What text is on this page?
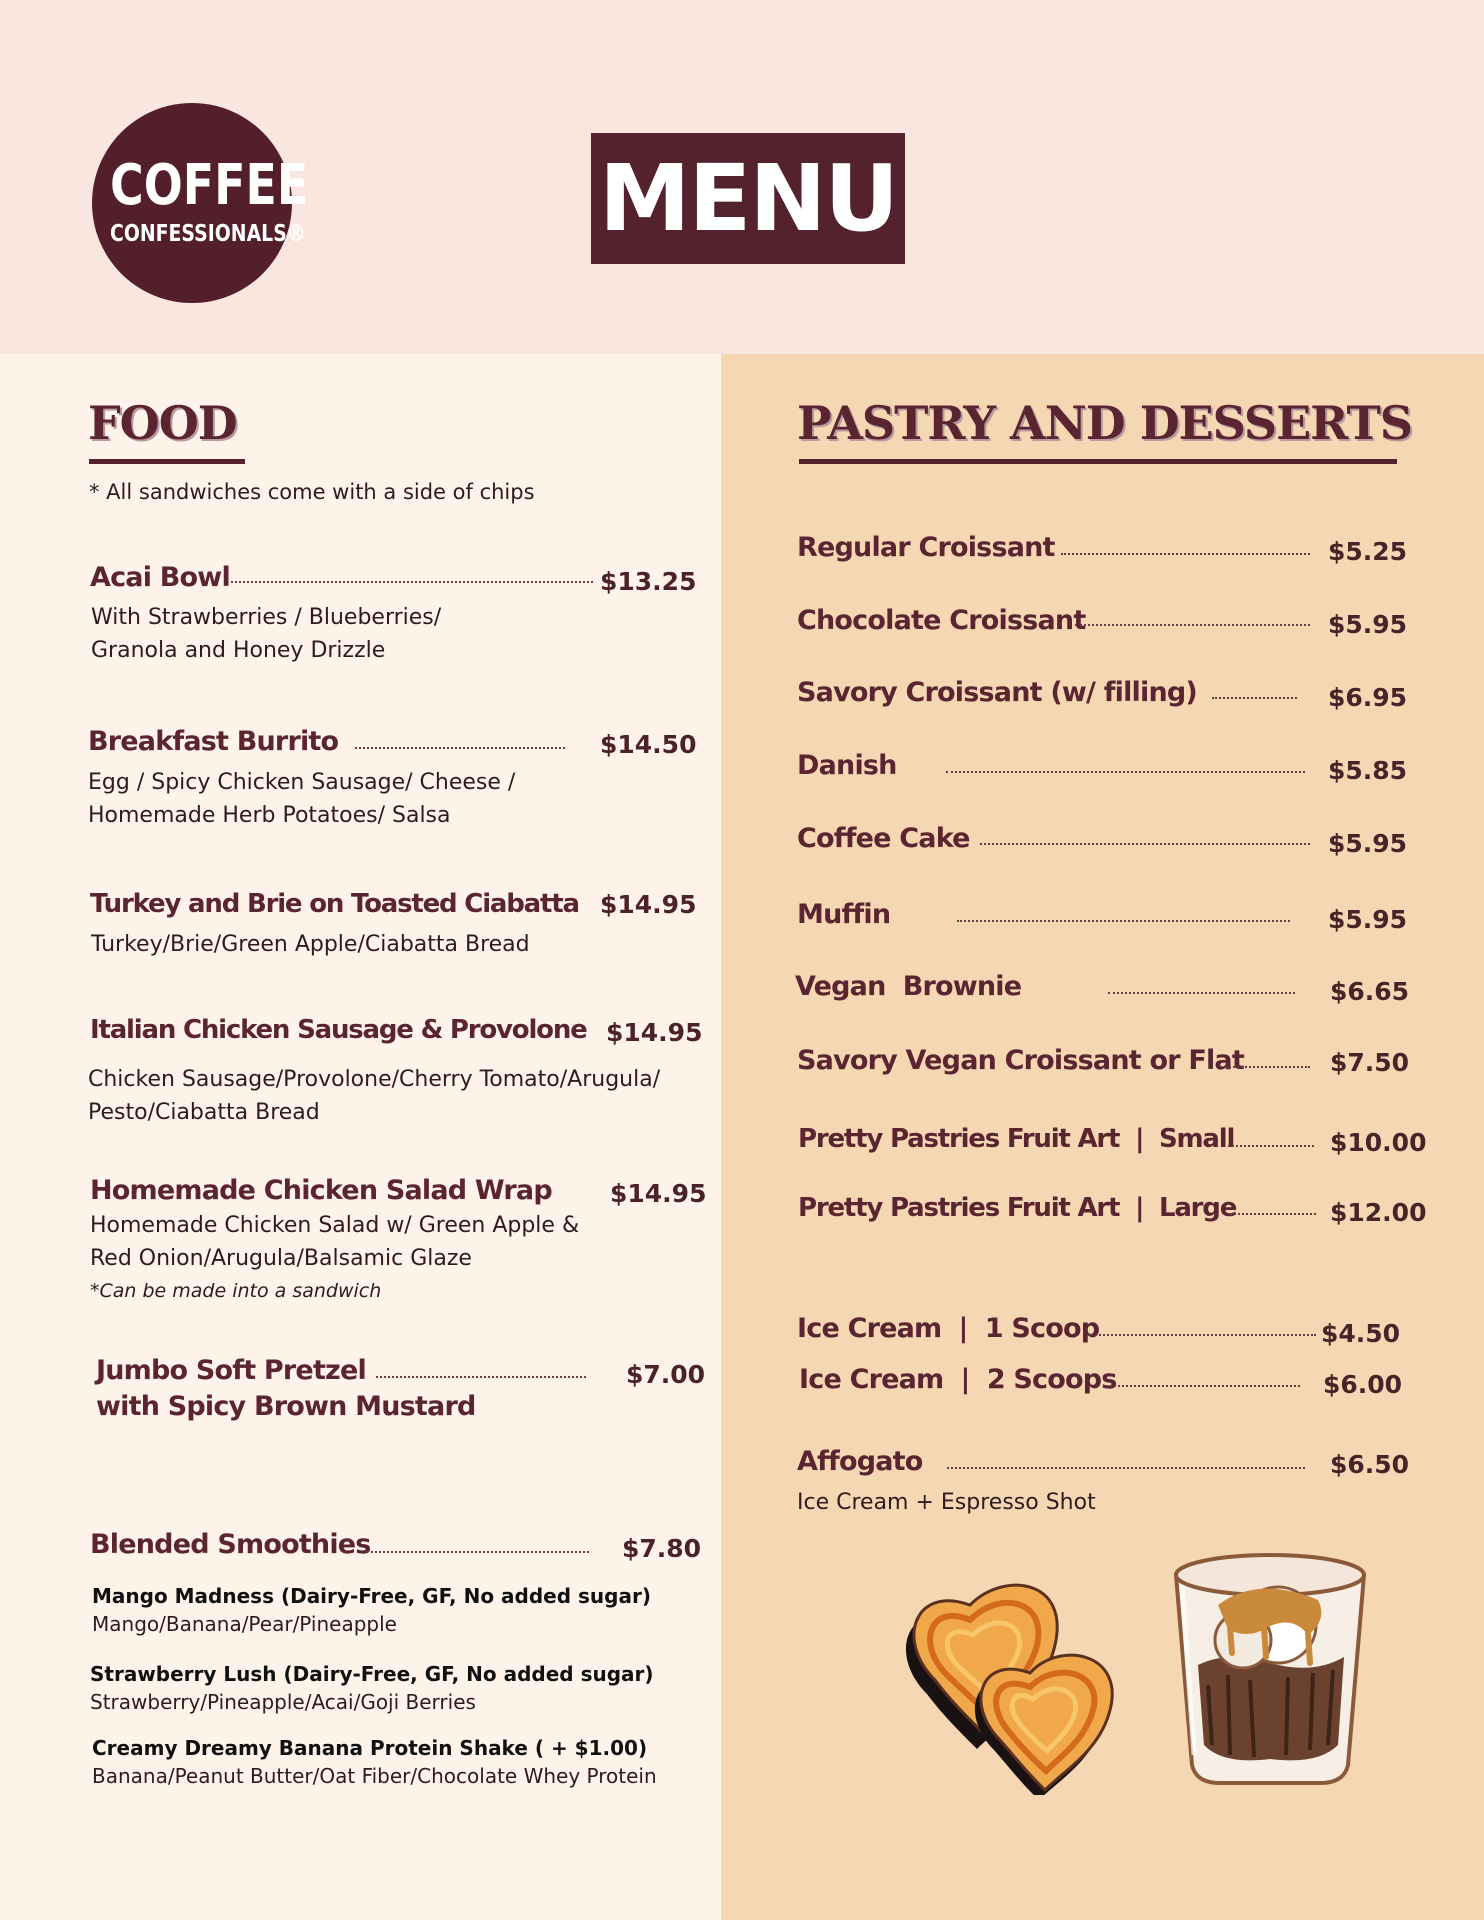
COFFEE
CONFESSIONALS®	MENU
FOOD
* All sandwiches come with a side of chips
Acai Bowl	$13.25
With Strawberries / Blueberries/
Granola and Honey Drizzle
Breakfast Burrito	$14.50
Egg / Spicy Chicken Sausage/ Cheese /
Homemade Herb Potatoes/ Salsa
Turkey and Brie on Toasted Ciabatta $14.95
Turkey/Brie/Green Apple/Ciabatta Bread
Italian Chicken Sausage & Provolone $14.95
Chicken Sausage/Provolone/Cherry Tomato/Arugula/
Pesto/Ciabatta Bread
Homemade Chicken Salad Wrap $14.95
Homemade Chicken Salad w/ Green Apple &
Red Onion/Arugula/Balsamic Glaze
*Can be made into a sandwich
Jumbo Soft Pretzel
with Spicy Brown Mustard
$7.00
Blended Smoothies	$7.80
Mango Madness (Dairy-Free, GF, No added sugar)
Mango/Banana/Pear/Pineapple
Strawberry Lush (Dairy-Free, GF, No added sugar)
Strawberry/Pineapple/Acai/Goji Berries
Creamy Dreamy Banana Protein Shake ( + $1.00)
Banana/Peanut Butter/Oat Fiber/Chocolate Whey Protein
PASTRY AND DESSERTS
Regular Croissant	$5.25
Chocolate Croissant	$5.95
Savory Croissant (w/ filling)	$6.95
Danish	$5.85
Coffee Cake	$5.95
Muffin	$5.95
Vegan  Brownie	$6.65
Savory Vegan Croissant or Flat	$7.50
Pretty Pastries Fruit Art  |  Small	$10.00
Pretty Pastries Fruit Art  |  Large	$12.00
Ice Cream  |  1 Scoop	$4.50
Ice Cream  |  2 Scoops	$6.00
Affogato	$6.50
Ice Cream + Espresso Shot
